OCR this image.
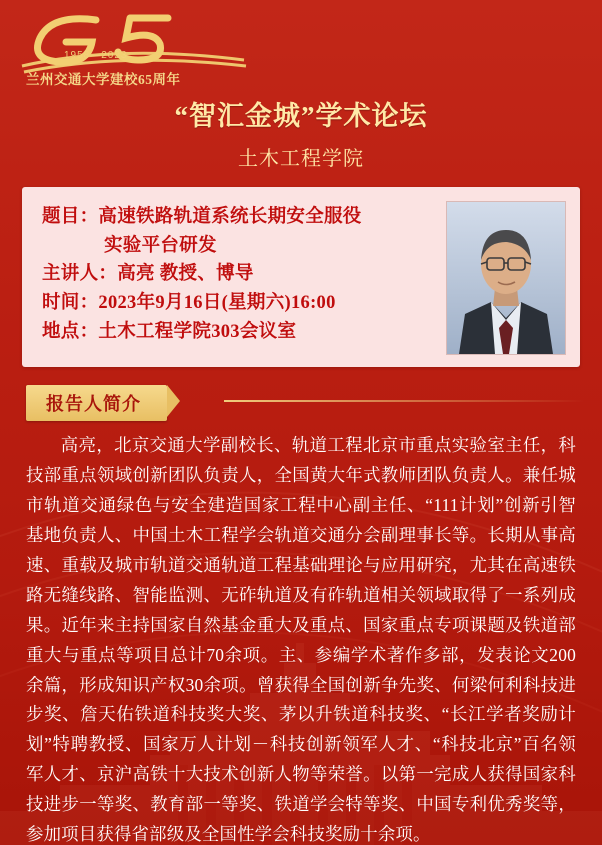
1958—2023
兰州交通大学建校65周年
“智汇金城”学术论坛
土木工程学院
题目：高速铁路轨道系统长期安全服役
实验平台研发
主讲人：高亮 教授、博导
时间：2023年9月16日(星期六)16:00
地点：土木工程学院303会议室
报告人简介
高亮，北京交通大学副校长、轨道工程北京市重点实验室主任，科技部重点领域创新团队负责人，全国黄大年式教师团队负责人。兼任城市轨道交通绿色与安全建造国家工程中心副主任、“111计划”创新引智基地负责人、中国土木工程学会轨道交通分会副理事长等。长期从事高速、重载及城市轨道交通轨道工程基础理论与应用研究，尤其在高速铁路无缝线路、智能监测、无砟轨道及有砟轨道相关领域取得了一系列成果。近年来主持国家自然基金重大及重点、国家重点专项课题及铁道部重大与重点等项目总计70余项。主、参编学术著作多部，发表论文200余篇，形成知识产权30余项。曾获得全国创新争先奖、何梁何利科技进步奖、詹天佑铁道科技奖大奖、茅以升铁道科技奖、“长江学者奖励计划”特聘教授、国家万人计划－科技创新领军人才、“科技北京”百名领军人才、京沪高铁十大技术创新人物等荣誉。以第一完成人获得国家科技进步一等奖、教育部一等奖、铁道学会特等奖、中国专利优秀奖等，参加项目获得省部级及全国性学会科技奖励十余项。
